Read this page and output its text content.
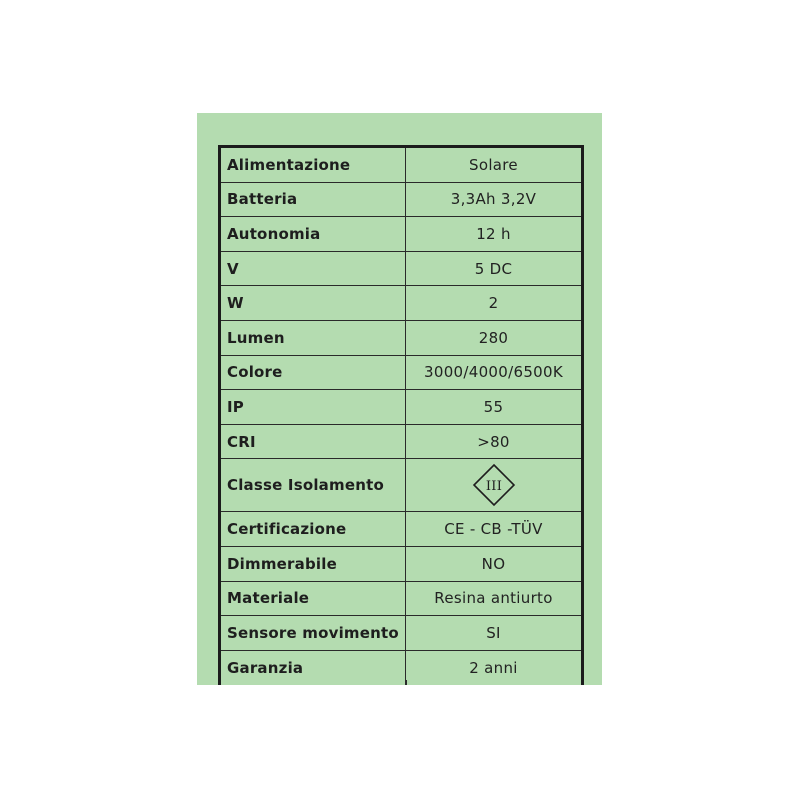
Alimentazione	Solare
Batteria	3,3Ah 3,2V
Autonomia	12 h
V	5 DC
W	2
Lumen	280
Colore	3000/4000/6500K
IP	55
CRI	>80
Classe Isolamento	III
Certificazione	CE - CB -TÜV
Dimmerabile	NO
Materiale	Resina antiurto
Sensore movimento	SI
Garanzia	2 anni
